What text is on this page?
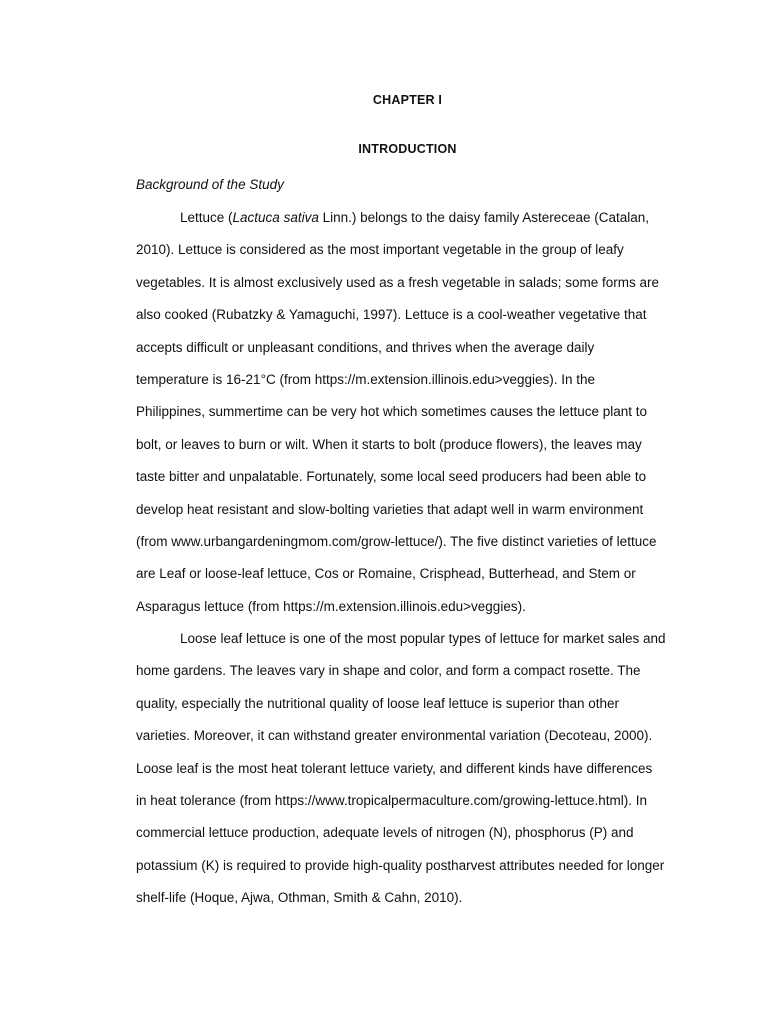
CHAPTER I
INTRODUCTION
Background of the Study
Lettuce (Lactuca sativa Linn.) belongs to the daisy family Astereceae (Catalan,
2010). Lettuce is considered as the most important vegetable in the group of leafy
vegetables. It is almost exclusively used as a fresh vegetable in salads; some forms are
also cooked (Rubatzky & Yamaguchi, 1997). Lettuce is a cool-weather vegetative that
accepts difficult or unpleasant conditions, and thrives when the average daily
temperature is 16-21°C (from https://m.extension.illinois.edu>veggies). In the
Philippines, summertime can be very hot which sometimes causes the lettuce plant to
bolt, or leaves to burn or wilt. When it starts to bolt (produce flowers), the leaves may
taste bitter and unpalatable. Fortunately, some local seed producers had been able to
develop heat resistant and slow-bolting varieties that adapt well in warm environment
(from www.urbangardeningmom.com/grow-lettuce/). The five distinct varieties of lettuce
are Leaf or loose-leaf lettuce, Cos or Romaine, Crisphead, Butterhead, and Stem or
Asparagus lettuce (from https://m.extension.illinois.edu>veggies).
Loose leaf lettuce is one of the most popular types of lettuce for market sales and
home gardens. The leaves vary in shape and color, and form a compact rosette. The
quality, especially the nutritional quality of loose leaf lettuce is superior than other
varieties. Moreover, it can withstand greater environmental variation (Decoteau, 2000).
Loose leaf is the most heat tolerant lettuce variety, and different kinds have differences
in heat tolerance (from https://www.tropicalpermaculture.com/growing-lettuce.html). In
commercial lettuce production, adequate levels of nitrogen (N), phosphorus (P) and
potassium (K) is required to provide high-quality postharvest attributes needed for longer
shelf-life (Hoque, Ajwa, Othman, Smith & Cahn, 2010).
